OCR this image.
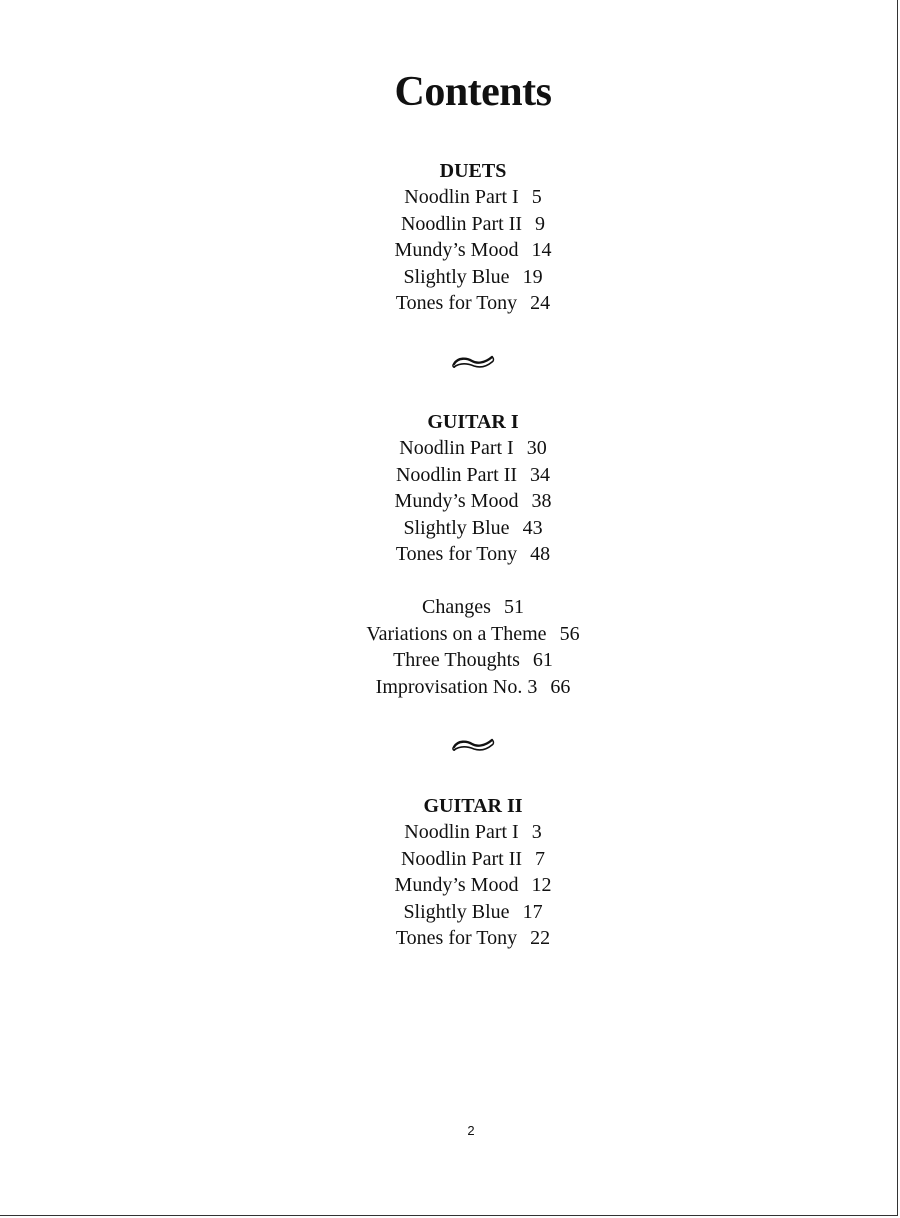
Contents
DUETS
Noodlin Part I 5
Noodlin Part II 9
Mundy’s Mood 14
Slightly Blue 19
Tones for Tony 24
GUITAR I
Noodlin Part I 30
Noodlin Part II 34
Mundy’s Mood 38
Slightly Blue 43
Tones for Tony 48
Changes 51
Variations on a Theme 56
Three Thoughts 61
Improvisation No. 3 66
GUITAR II
Noodlin Part I 3
Noodlin Part II 7
Mundy’s Mood 12
Slightly Blue 17
Tones for Tony 22
2
